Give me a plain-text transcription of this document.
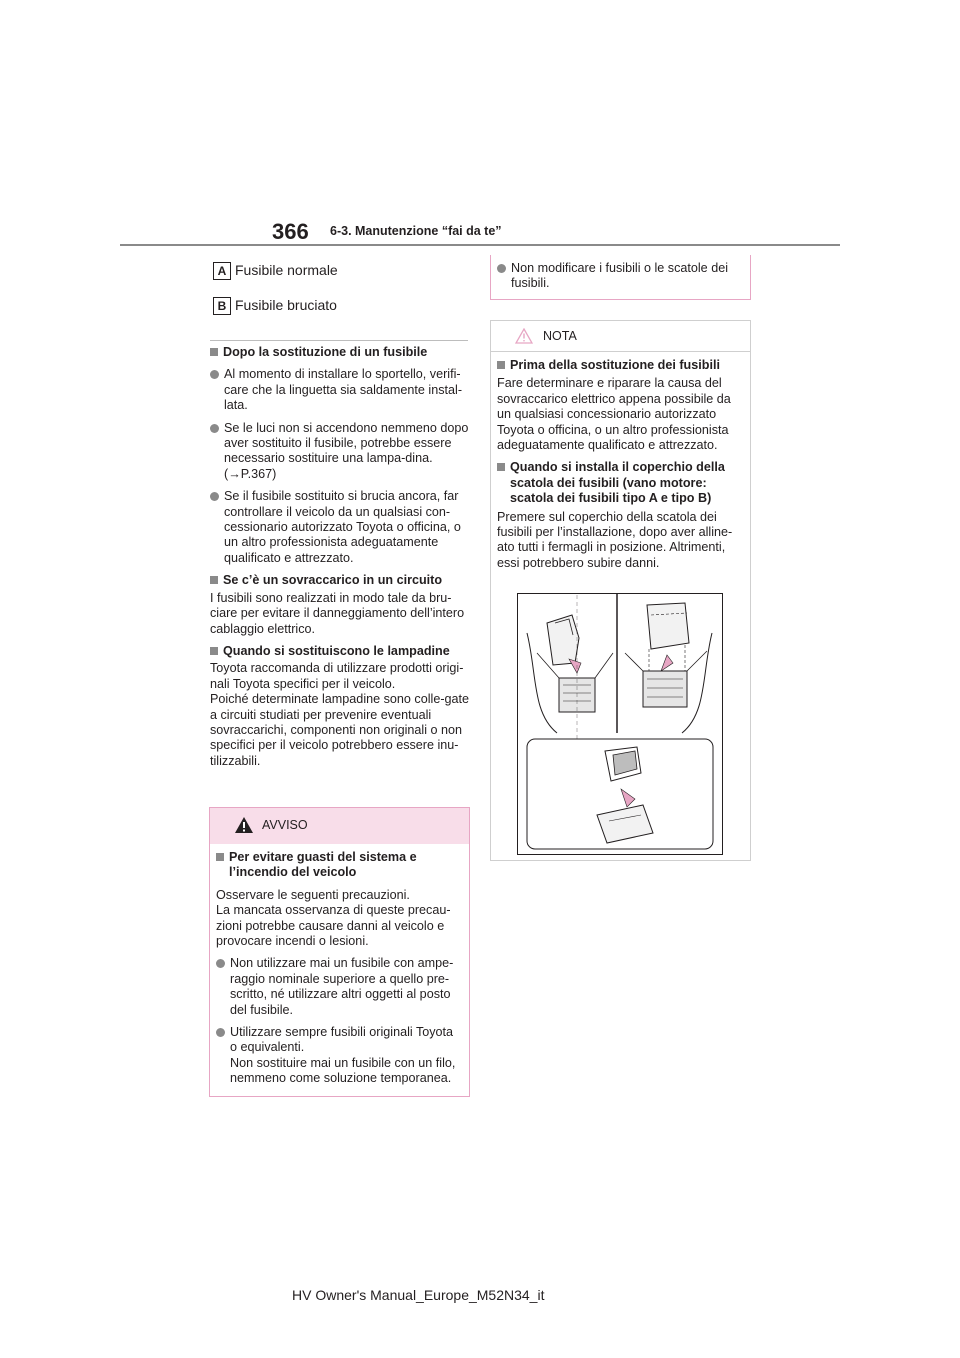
366 6-3. Manutenzione “fai da te”
A Fusibile normale
B Fusibile bruciato

Dopo la sostituzione di un fusibile

Al momento di installare lo sportello, verifi-care che la linguetta sia saldamente instal-lata.

Se le luci non si accendono nemmeno dopo aver sostituito il fusibile, potrebbe essere necessario sostituire una lampa-dina. (→P.367)

Se il fusibile sostituito si brucia ancora, far controllare il veicolo da un qualsiasi con-cessionario autorizzato Toyota o officina, o un altro professionista adeguatamente qualificato e attrezzato.

Se c’è un sovraccarico in un circuito

I fusibili sono realizzati in modo tale da bru-ciare per evitare il danneggiamento dell’intero cablaggio elettrico.

Quando si sostituiscono le lampadine

Toyota raccomanda di utilizzare prodotti origi-nali Toyota specifici per il veicolo.

Poiché determinate lampadine sono colle-gate a circuiti studiati per prevenire eventuali sovraccarichi, componenti non originali o non specifici per il veicolo potrebbero essere inu-tilizzabili.

AVVISO

Per evitare guasti del sistema e l’incendio del veicolo

Osservare le seguenti precauzioni.

La mancata osservanza di queste precau-zioni potrebbe causare danni al veicolo e provocare incendi o lesioni.

Non utilizzare mai un fusibile con ampe-raggio nominale superiore a quello pre-scritto, né utilizzare altri oggetti al posto del fusibile.

Utilizzare sempre fusibili originali Toyota o equivalenti.
Non sostituire mai un fusibile con un filo, nemmeno come soluzione temporanea.

Non modificare i fusibili o le scatole dei fusibili.

NOTA

Prima della sostituzione dei fusibili

Fare determinare e riparare la causa del sovraccarico elettrico appena possibile da un qualsiasi concessionario autorizzato Toyota o officina, o un altro professionista adeguatamente qualificato e attrezzato.

Quando si installa il coperchio della scatola dei fusibili (vano motore: scatola dei fusibili tipo A e tipo B)

Premere sul coperchio della scatola dei fusibili per l’installazione, dopo aver alline-ato tutti i fermagli in posizione. Altrimenti, essi potrebbero subire danni.

HV Owner's Manual_Europe_M52N34_it
